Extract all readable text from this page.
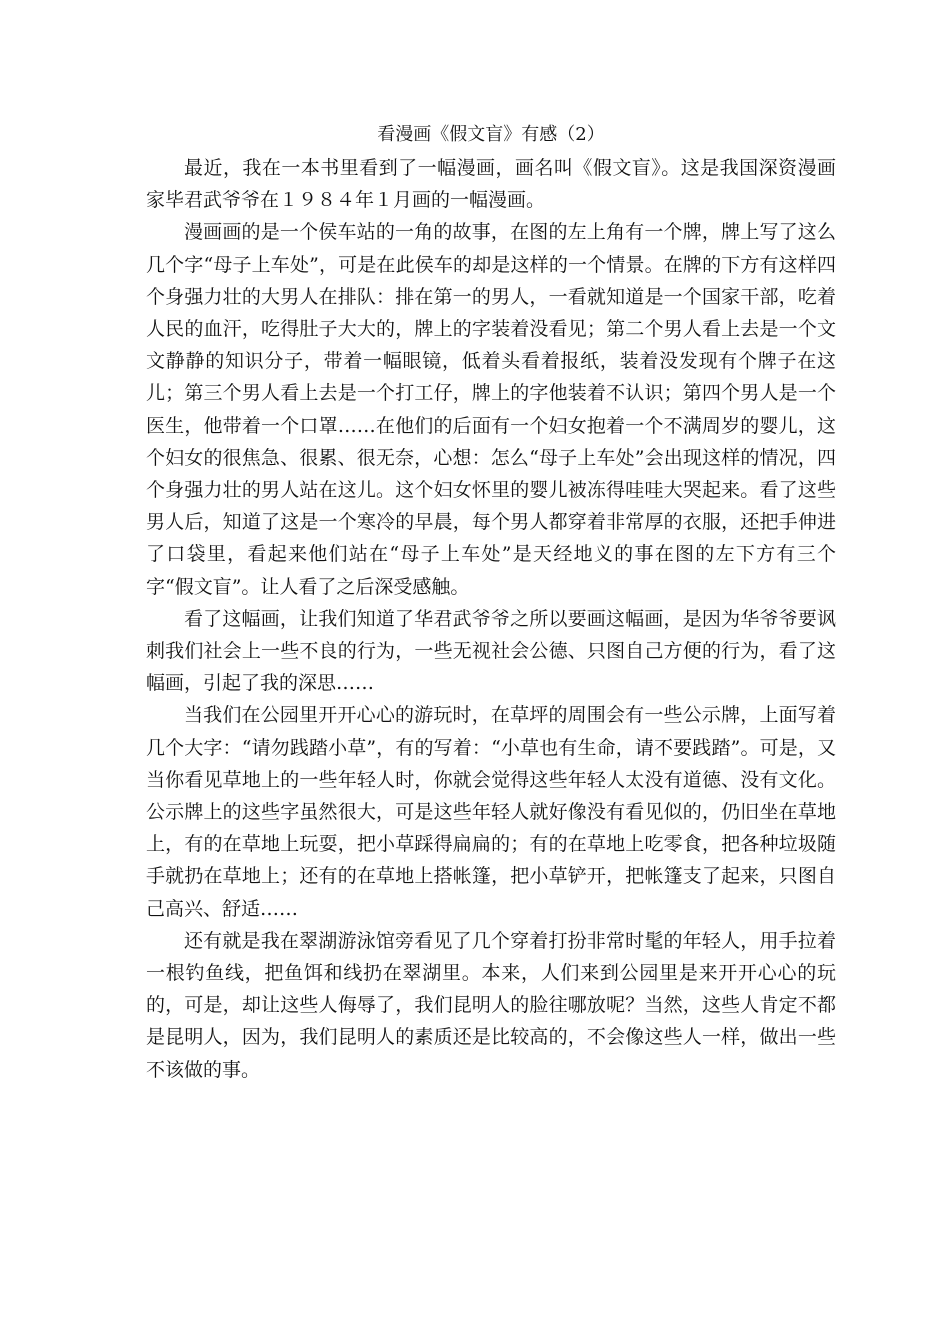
看漫画《假文盲》有感（2）

最近，我在一本书里看到了一幅漫画，画名叫《假文盲》。这是我国深资漫画家毕君武爷爷在１９８４年１月画的一幅漫画。

漫画画的是一个侯车站的一角的故事，在图的左上角有一个牌，牌上写了这么几个字“母子上车处”，可是在此侯车的却是这样的一个情景。在牌的下方有这样四个身强力壮的大男人在排队：排在第一的男人，一看就知道是一个国家干部，吃着人民的血汗，吃得肚子大大的，牌上的字装着没看见；第二个男人看上去是一个文文静静的知识分子，带着一幅眼镜，低着头看着报纸，装着没发现有个牌子在这儿；第三个男人看上去是一个打工仔，牌上的字他装着不认识；第四个男人是一个医生，他带着一个口罩……在他们的后面有一个妇女抱着一个不满周岁的婴儿，这个妇女的很焦急、很累、很无奈，心想：怎么“母子上车处”会出现这样的情况，四个身强力壮的男人站在这儿。这个妇女怀里的婴儿被冻得哇哇大哭起来。看了这些男人后，知道了这是一个寒冷的早晨，每个男人都穿着非常厚的衣服，还把手伸进了口袋里，看起来他们站在“母子上车处”是天经地义的事在图的左下方有三个字“假文盲”。让人看了之后深受感触。

看了这幅画，让我们知道了华君武爷爷之所以要画这幅画，是因为华爷爷要讽刺我们社会上一些不良的行为，一些无视社会公德、只图自己方便的行为，看了这幅画，引起了我的深思……

当我们在公园里开开心心的游玩时，在草坪的周围会有一些公示牌，上面写着几个大字：“请勿践踏小草”，有的写着：“小草也有生命，请不要践踏”。可是，又当你看见草地上的一些年轻人时，你就会觉得这些年轻人太没有道德、没有文化。公示牌上的这些字虽然很大，可是这些年轻人就好像没有看见似的，仍旧坐在草地上，有的在草地上玩耍，把小草踩得扁扁的；有的在草地上吃零食，把各种垃圾随手就扔在草地上；还有的在草地上搭帐篷，把小草铲开，把帐篷支了起来，只图自己高兴、舒适……

还有就是我在翠湖游泳馆旁看见了几个穿着打扮非常时髦的年轻人，用手拉着一根钓鱼线，把鱼饵和线扔在翠湖里。本来，人们来到公园里是来开开心心的玩的，可是，却让这些人侮辱了，我们昆明人的脸往哪放呢？当然，这些人肯定不都是昆明人，因为，我们昆明人的素质还是比较高的，不会像这些人一样，做出一些不该做的事。
